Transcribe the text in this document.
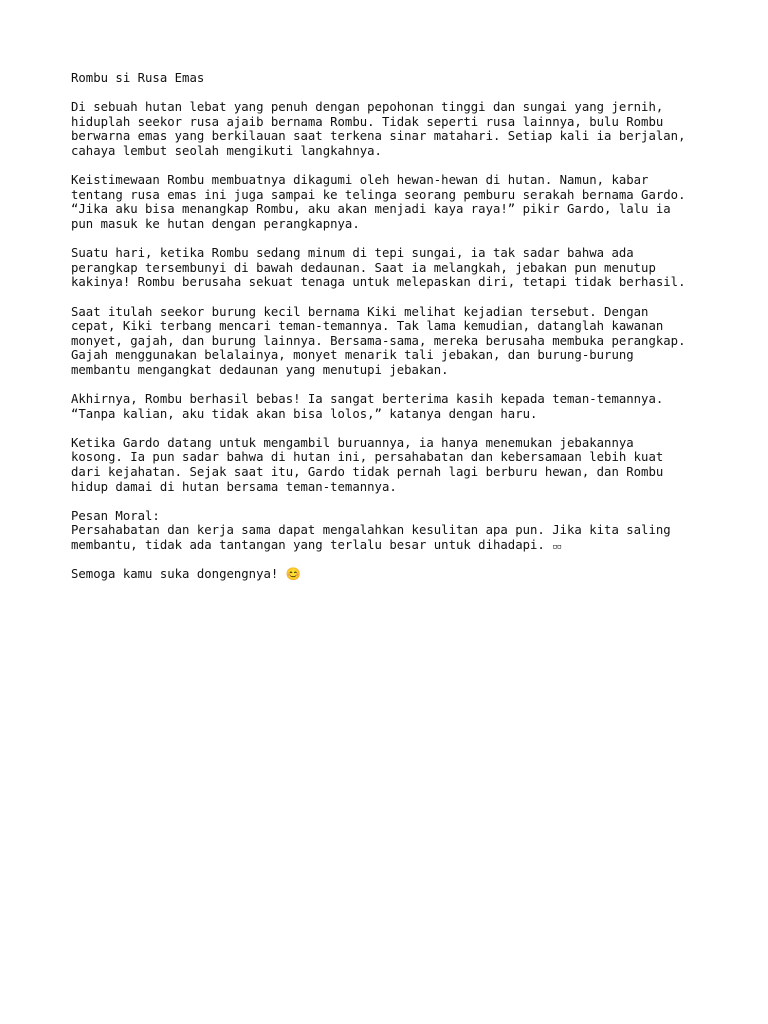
Rombu si Rusa Emas
Di sebuah hutan lebat yang penuh dengan pepohonan tinggi dan sungai yang jernih,
hiduplah seekor rusa ajaib bernama Rombu. Tidak seperti rusa lainnya, bulu Rombu
berwarna emas yang berkilauan saat terkena sinar matahari. Setiap kali ia berjalan,
cahaya lembut seolah mengikuti langkahnya.
Keistimewaan Rombu membuatnya dikagumi oleh hewan-hewan di hutan. Namun, kabar
tentang rusa emas ini juga sampai ke telinga seorang pemburu serakah bernama Gardo.
“Jika aku bisa menangkap Rombu, aku akan menjadi kaya raya!” pikir Gardo, lalu ia
pun masuk ke hutan dengan perangkapnya.
Suatu hari, ketika Rombu sedang minum di tepi sungai, ia tak sadar bahwa ada
perangkap tersembunyi di bawah dedaunan. Saat ia melangkah, jebakan pun menutup
kakinya! Rombu berusaha sekuat tenaga untuk melepaskan diri, tetapi tidak berhasil.
Saat itulah seekor burung kecil bernama Kiki melihat kejadian tersebut. Dengan
cepat, Kiki terbang mencari teman-temannya. Tak lama kemudian, datanglah kawanan
monyet, gajah, dan burung lainnya. Bersama-sama, mereka berusaha membuka perangkap.
Gajah menggunakan belalainya, monyet menarik tali jebakan, dan burung-burung
membantu mengangkat dedaunan yang menutupi jebakan.
Akhirnya, Rombu berhasil bebas! Ia sangat berterima kasih kepada teman-temannya.
“Tanpa kalian, aku tidak akan bisa lolos,” katanya dengan haru.
Ketika Gardo datang untuk mengambil buruannya, ia hanya menemukan jebakannya
kosong. Ia pun sadar bahwa di hutan ini, persahabatan dan kebersamaan lebih kuat
dari kejahatan. Sejak saat itu, Gardo tidak pernah lagi berburu hewan, dan Rombu
hidup damai di hutan bersama teman-temannya.
Pesan Moral:
Persahabatan dan kerja sama dapat mengalahkan kesulitan apa pun. Jika kita saling
membantu, tidak ada tantangan yang terlalu besar untuk dihadapi. ▫▫
Semoga kamu suka dongengnya! 😊
